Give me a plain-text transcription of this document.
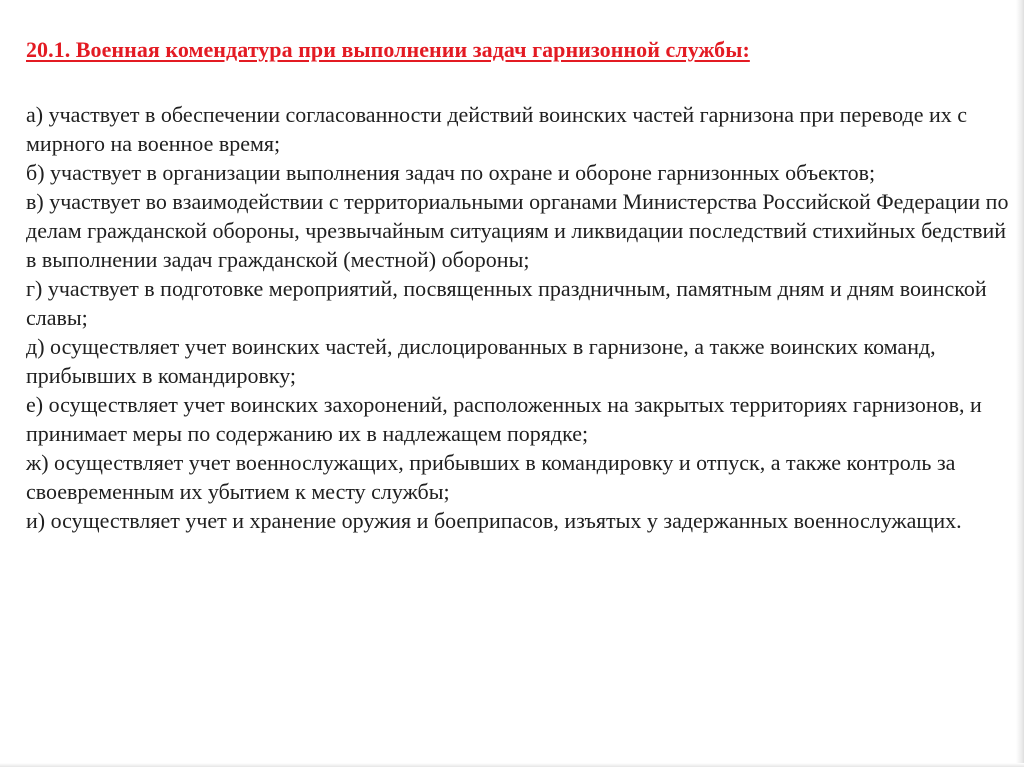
20.1. Военная комендатура при выполнении задач гарнизонной службы:
а) участвует в обеспечении согласованности действий воинских частей гарнизона при переводе их с мирного на военное время;
б) участвует в организации выполнения задач по охране и обороне гарнизонных объектов;
в) участвует во взаимодействии с территориальными органами Министерства Российской Федерации по делам гражданской обороны, чрезвычайным ситуациям и ликвидации последствий стихийных бедствий в выполнении задач гражданской (местной) обороны;
г) участвует в подготовке мероприятий, посвященных праздничным, памятным дням и дням воинской славы;
д) осуществляет учет воинских частей, дислоцированных в гарнизоне, а также воинских команд, прибывших в командировку;
е) осуществляет учет воинских захоронений, расположенных на закрытых территориях гарнизонов, и принимает меры по содержанию их в надлежащем порядке;
ж) осуществляет учет военнослужащих, прибывших в командировку и отпуск, а также контроль за своевременным их убытием к месту службы;
и) осуществляет учет и хранение оружия и боеприпасов, изъятых у задержанных военнослужащих.
